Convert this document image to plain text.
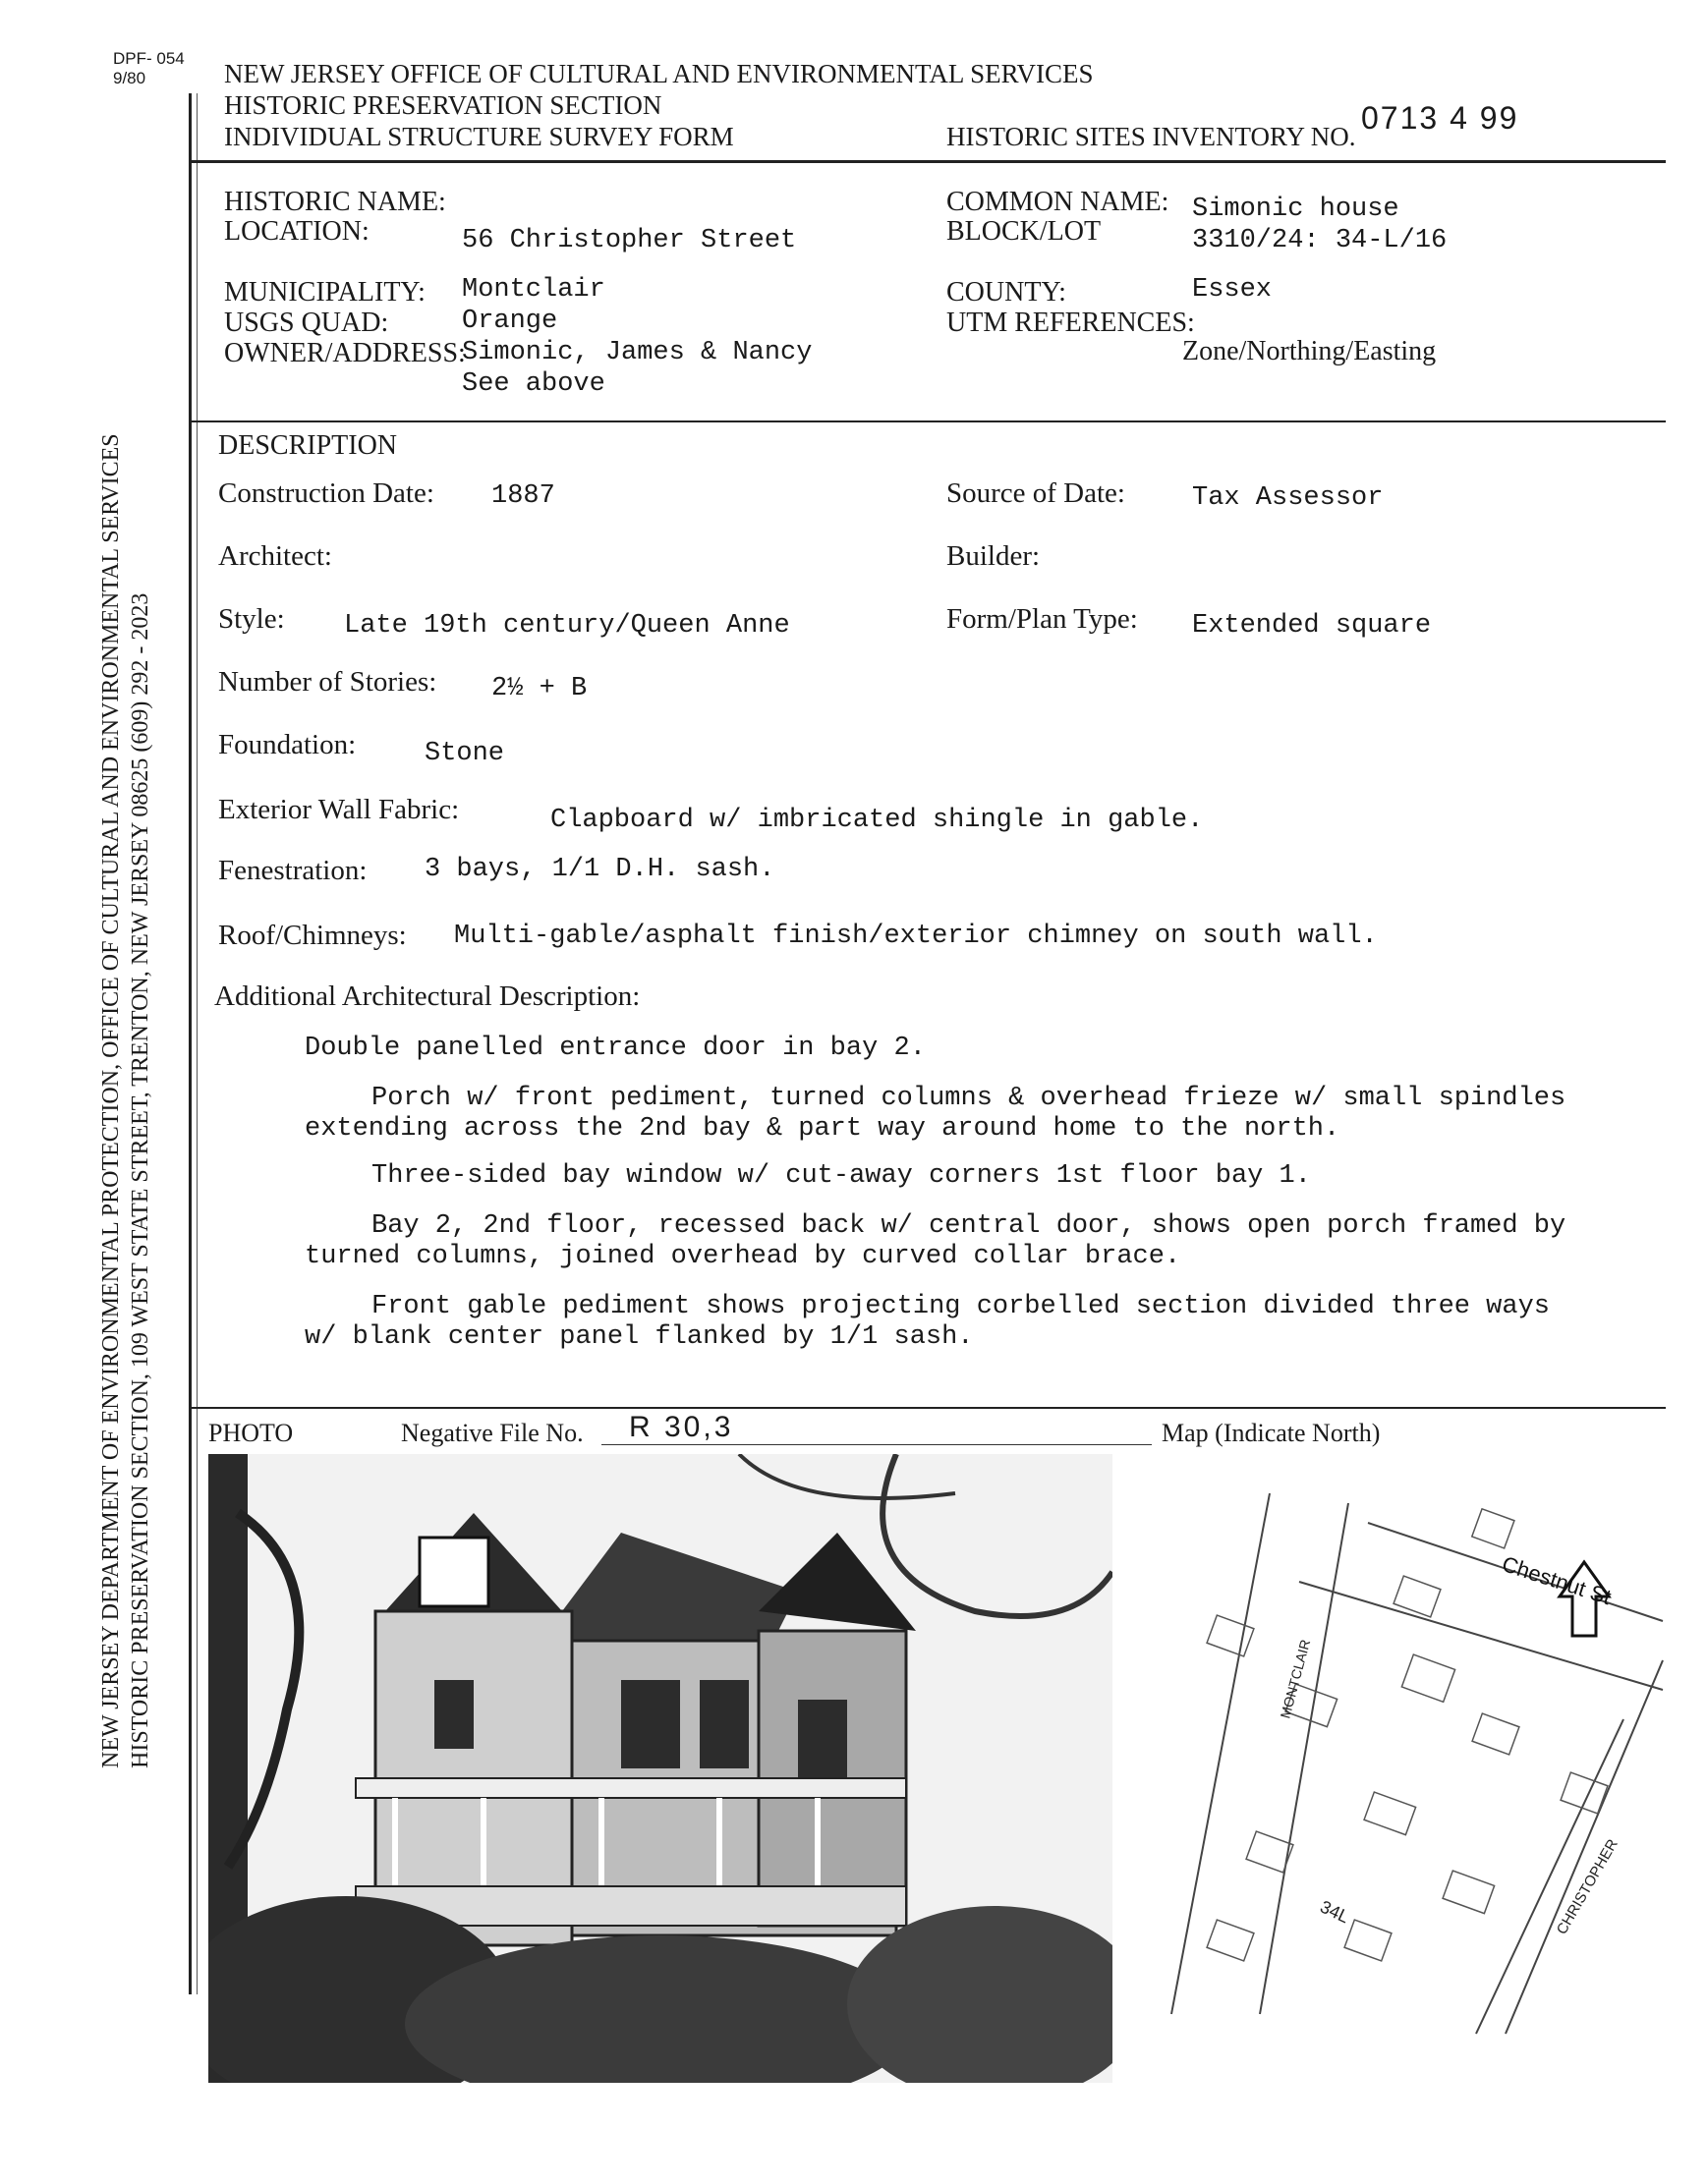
DPF- 054
9/80	NEW JERSEY OFFICE OF CULTURAL AND ENVIRONMENTAL SERVICES
HISTORIC PRESERVATION SECTION
INDIVIDUAL STRUCTURE SURVEY FORM	HISTORIC SITES INVENTORY NO.
0713 4 99
NEW JERSEY DEPARTMENT OF ENVIRONMENTAL PROTECTION, OFFICE OF CULTURAL AND ENVIRONMENTAL SERVICES HISTORIC PRESERVATION SECTION, 109 WEST STATE STREET, TRENTON, NEW JERSEY 08625 (609) 292 - 2023
HISTORIC NAME:
LOCATION:	56 Christopher Street
MUNICIPALITY: Montclair
USGS QUAD:	Orange
OWNER/ADDRESS:
Simonic, James & Nancy
See above
COMMON NAME: Simonic house
BLOCK/LOT	3310/24: 34-L/16
COUNTY:	Essex
UTM REFERENCES:
Zone/Northing/Easting
DESCRIPTION
Construction Date: 1887	Source of Date:	Tax Assessor
Architect:	Builder:
Style: Late 19th century/Queen Anne	Form/Plan Type: Extended square
Number of Stories: 2½ + B
Foundation:	Stone
Exterior Wall Fabric:	Clapboard w/ imbricated shingle in gable.
Fenestration: 3 bays, 1/1 D.H. sash.
Roof/Chimneys: Multi-gable/asphalt finish/exterior chimney on south wall.
Additional Architectural Description:
Double panelled entrance door in bay 2.
Porch w/ front pediment, turned columns & overhead frieze w/ small spindles
extending across the 2nd bay & part way around home to the north.
Three-sided bay window w/ cut-away corners 1st floor bay 1.
Bay 2, 2nd floor, recessed back w/ central door, shows open porch framed by
turned columns, joined overhead by curved collar brace.
Front gable pediment shows projecting corbelled section divided three ways
w/ blank center panel flanked by 1/1 sash.
PHOTO	Negative File No. R 30,3	Map (Indicate North)
Chestnut St
MONTCLAIR
CHRISTOPHER
34L
